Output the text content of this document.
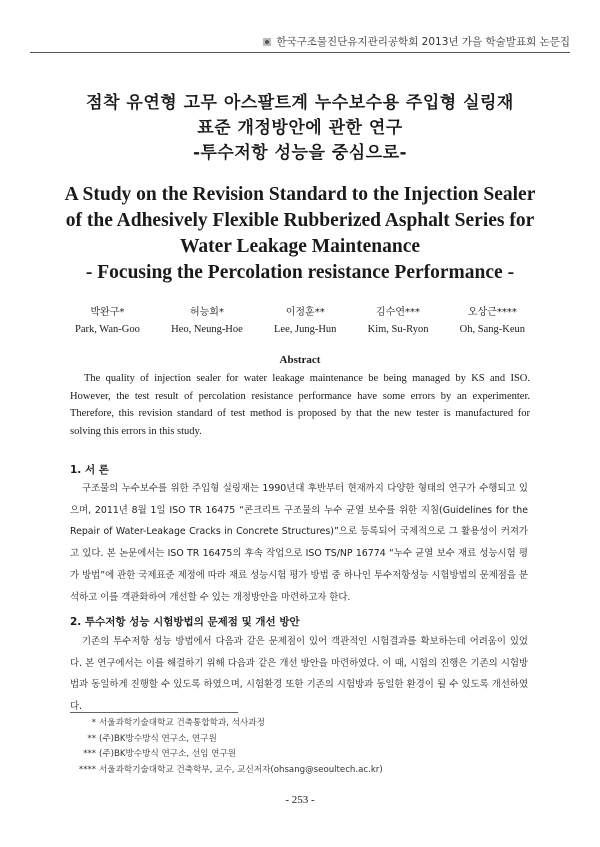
한국구조물진단유지관리공학회 2013년 가을 학술발표회 논문집
점착 유연형 고무 아스팔트계 누수보수용 주입형 실링재
표준 개정방안에 관한 연구
-투수저항 성능을 중심으로-
A Study on the Revision Standard to the Injection Sealer
of the Adhesively Flexible Rubberized Asphalt Series for
Water Leakage Maintenance
- Focusing the Percolation resistance Performance -
박완구*
Park, Wan-Goo
허능회*
Heo, Neung-Hoe
이정훈**
Lee, Jung-Hun
김수연***
Kim, Su-Ryon
오상근****
Oh, Sang-Keun
Abstract
The quality of injection sealer for water leakage maintenance be being managed by KS and ISO. However, the test result of percolation resistance performance have some errors by an experimenter. Therefore, this revision standard of test method is proposed by that the new tester is manufactured for solving this errors in this study.
1. 서 론
구조물의 누수보수를 위한 주입형 실링재는 1990년대 후반부터 현재까지 다양한 형태의 연구가 수행되고 있으며, 2011년 8월 1일 ISO TR 16475 “콘크리트 구조물의 누수 균열 보수를 위한 지침(Guidelines for the Repair of Water-Leakage Cracks in Concrete Structures)”으로 등록되어 국제적으로 그 활용성이 커져가고 있다. 본 논문에서는 ISO TR 16475의 후속 작업으로 ISO TS/NP 16774 “누수 균열 보수 재료 성능시험 평가 방법”에 관한 국제표준 제정에 따라 재료 성능시험 평가 방법 중 하나인 투수저항성능 시험방법의 문제점을 분석하고 이를 객관화하여 개선할 수 있는 개정방안을 마련하고자 한다.
2. 투수저항 성능 시험방법의 문제점 및 개선 방안
기존의 투수저항 성능 방법에서 다음과 같은 문제점이 있어 객관적인 시험결과를 확보하는데 어려움이 있었다. 본 연구에서는 이를 해결하기 위해 다음과 같은 개선 방안을 마련하였다. 이 때, 시험의 진행은 기존의 시험방법과 동일하게 진행할 수 있도록 하였으며, 시험환경 또한 기존의 시험방과 동일한 환경이 될 수 있도록 개선하였다.
* 서울과학기술대학교 건축통합학과, 석사과정
** (주)BK방수방식 연구소, 연구원
*** (주)BK방수방식 연구소, 선임 연구원
**** 서울과학기술대학교 건축학부, 교수, 교신저자(ohsang@seoultech.ac.kr)
- 253 -
